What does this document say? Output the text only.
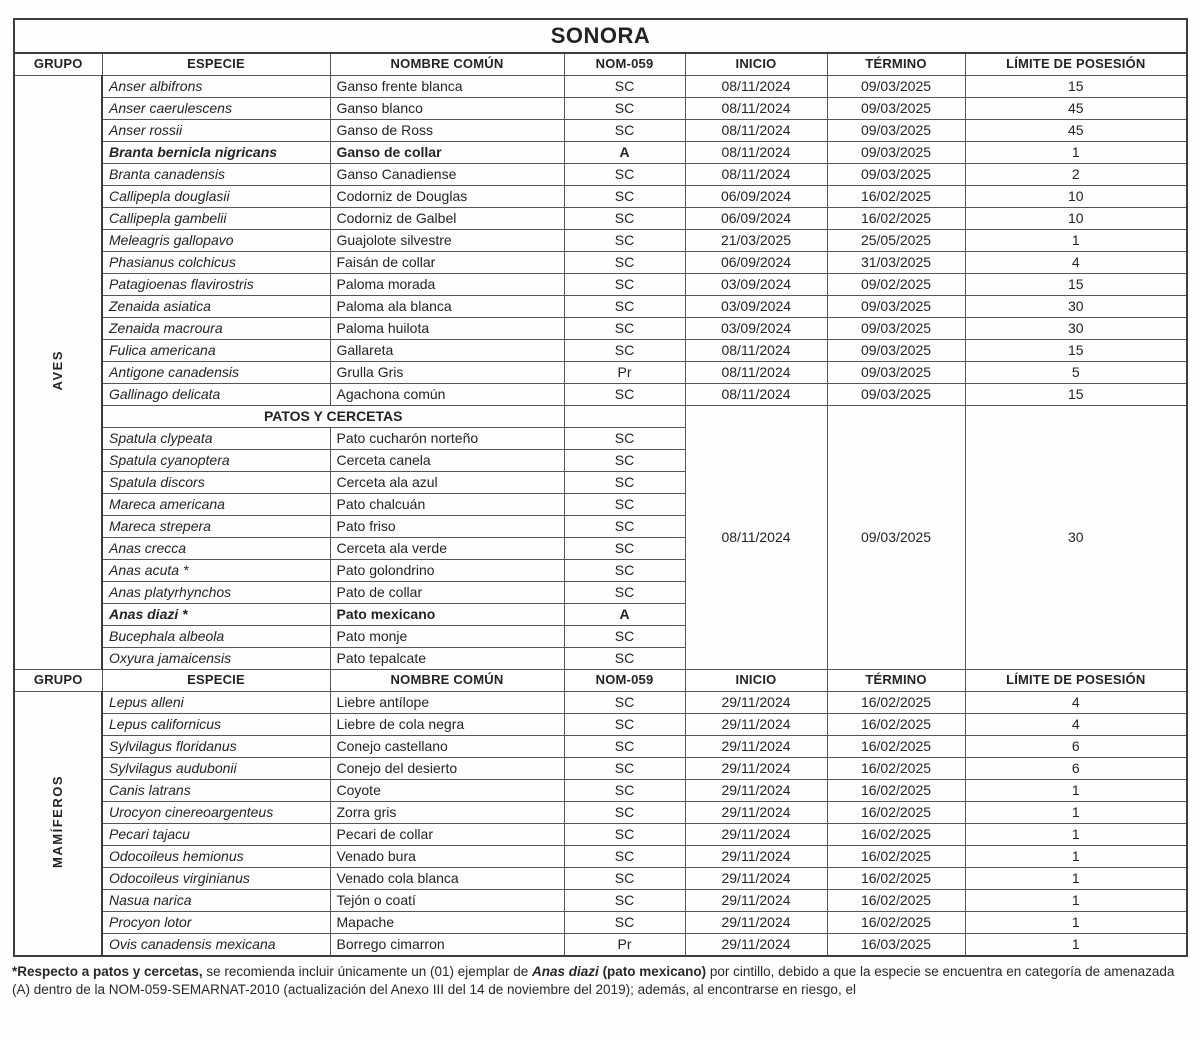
SONORA						
GRUPO	ESPECIE	NOMBRE COMÚN	NOM-059	INICIO	TÉRMINO	LÍMITE DE POSESIÓN
AVES	Anser albifrons	Ganso frente blanca	SC	08/11/2024	09/03/2025	15
	Anser caerulescens	Ganso blanco	SC	08/11/2024	09/03/2025	45
	Anser rossii	Ganso de Ross	SC	08/11/2024	09/03/2025	45
	Branta bernicla nigricans	Ganso de collar	A	08/11/2024	09/03/2025	1
	Branta canadensis	Ganso Canadiense	SC	08/11/2024	09/03/2025	2
	Callipepla douglasii	Codorniz de Douglas	SC	06/09/2024	16/02/2025	10
	Callipepla gambelii	Codorniz de Galbel	SC	06/09/2024	16/02/2025	10
	Meleagris gallopavo	Guajolote silvestre	SC	21/03/2025	25/05/2025	1
	Phasianus colchicus	Faisán de collar	SC	06/09/2024	31/03/2025	4
	Patagioenas flavirostris	Paloma morada	SC	03/09/2024	09/02/2025	15
	Zenaida asiatica	Paloma ala blanca	SC	03/09/2024	09/03/2025	30
	Zenaida macroura	Paloma huilota	SC	03/09/2024	09/03/2025	30
	Fulica americana	Gallareta	SC	08/11/2024	09/03/2025	15
	Antigone canadensis	Grulla Gris	Pr	08/11/2024	09/03/2025	5
	Gallinago delicata	Agachona común	SC	08/11/2024	09/03/2025	15
	PATOS Y CERCETAS			08/11/2024	09/03/2025	30
	Spatula clypeata	Pato cucharón norteño	SC			
	Spatula cyanoptera	Cerceta canela	SC			
	Spatula discors	Cerceta ala azul	SC			
	Mareca americana	Pato chalcuán	SC			
	Mareca strepera	Pato friso	SC			
	Anas crecca	Cerceta ala verde	SC			
	Anas acuta *	Pato golondrino	SC			
	Anas platyrhynchos	Pato de collar	SC			
	Anas diazi *	Pato mexicano	A			
	Bucephala albeola	Pato monje	SC			
	Oxyura jamaicensis	Pato tepalcate	SC			
GRUPO	ESPECIE	NOMBRE COMÚN	NOM-059	INICIO	TÉRMINO	LÍMITE DE POSESIÓN
MAMÍFEROS	Lepus alleni	Liebre antílope	SC	29/11/2024	16/02/2025	4
	Lepus californicus	Liebre de cola negra	SC	29/11/2024	16/02/2025	4
	Sylvilagus floridanus	Conejo castellano	SC	29/11/2024	16/02/2025	6
	Sylvilagus audubonii	Conejo del desierto	SC	29/11/2024	16/02/2025	6
	Canis latrans	Coyote	SC	29/11/2024	16/02/2025	1
	Urocyon cinereoargenteus	Zorra gris	SC	29/11/2024	16/02/2025	1
	Pecari tajacu	Pecari de collar	SC	29/11/2024	16/02/2025	1
	Odocoileus hemionus	Venado bura	SC	29/11/2024	16/02/2025	1
	Odocoileus virginianus	Venado cola blanca	SC	29/11/2024	16/02/2025	1
	Nasua narica	Tejón o coatí	SC	29/11/2024	16/02/2025	1
	Procyon lotor	Mapache	SC	29/11/2024	16/02/2025	1
	Ovis canadensis mexicana	Borrego cimarron	Pr	29/11/2024	16/03/2025	1
*Respecto a patos y cercetas, se recomienda incluir únicamente un (01) ejemplar de Anas diazi (pato mexicano) por cintillo, debido a que la especie se encuentra en categoría de amenazada (A) dentro de la NOM-059-SEMARNAT-2010 (actualización del Anexo III del 14 de noviembre del 2019); además, al encontrarse en riesgo, el
